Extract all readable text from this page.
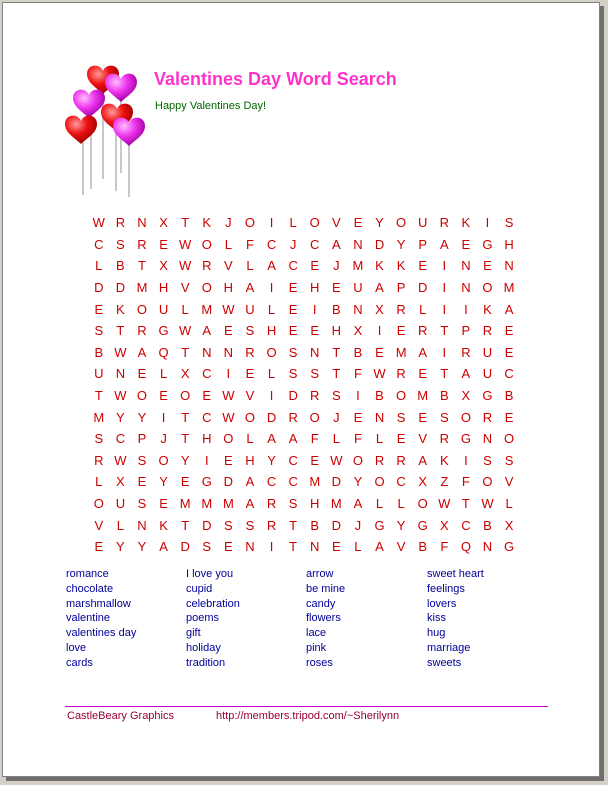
Valentines Day Word Search
Happy Valentines Day!
W R N X	T	K	J	O	I	L O V E Y O U R K	I	S
C S R E W O L	F C	J	C A N D Y P A E G H
L	B	T	X W R V	L	A C E	J M K K E	I	N E N
D D M H V O H A	I	E H E U A P D	I	N O M
E K O U	L M W U	L	E	I	B N X R	L	I	I	K A
S	T R G W A E S H E E H X	I	E R T	P R E
B W A Q T N N R O S N T	B E M A	I	R U E
U N E	L	X C	I	E	L	S S	T	F W R E	T	A U C
T W O E O E W V	I	D R S	I	B O M B X G B
M Y Y	I	T C W O D R O	J	E N S E S O R E
S C P	J	T H O L	A A	F	L	F	L	E V R G N O
R W S O Y	I	E H Y C E W O R R A K	I	S S
L	X E Y E G D A C C M D Y O C X	Z	F O V
O U S E M M M A R S H M A	L	L O W T W L
V	L	N K	T D S S R T	B D	J	G Y G X C B X
E Y Y A D S E N	I	T N E	L	A V B	F Q N G
romance
chocolate
marshmallow
valentine
valentines day
love
cards
I love you
cupid
celebration
poems
gift
holiday
tradition
arrow
be mine
candy
flowers
lace
pink
roses
sweet heart
feelings
lovers
kiss
hug
marriage
sweets
CastleBeary Graphics	http://members.tripod.com/~Sherilynn
